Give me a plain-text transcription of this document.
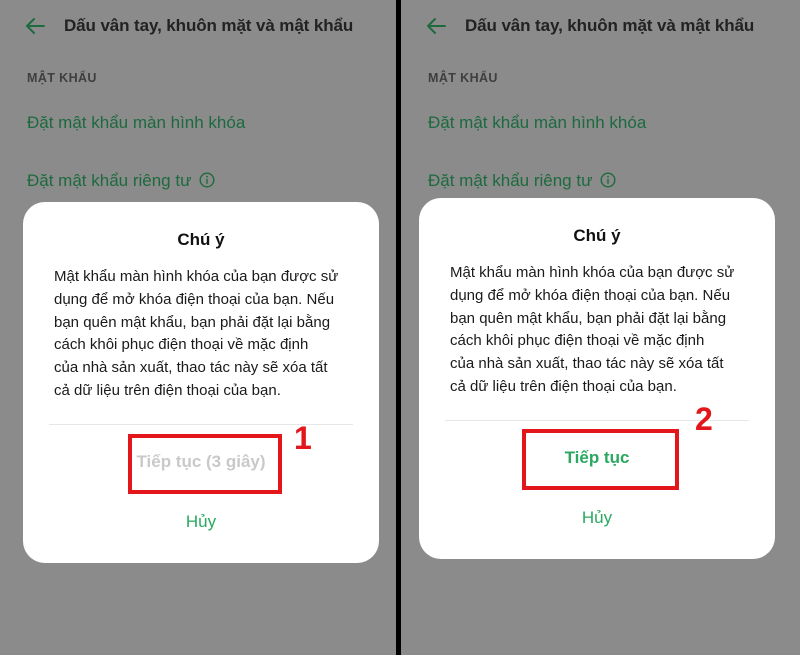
Dấu vân tay, khuôn mặt và mật khẩu
MẬT KHẨU
Đặt mật khẩu màn hình khóa
Đặt mật khẩu riêng tư
Chú ý
Mật khẩu màn hình khóa của bạn được sử
dụng để mở khóa điện thoại của bạn. Nếu
bạn quên mật khẩu, bạn phải đặt lại bằng
cách khôi phục điện thoại về mặc định
của nhà sản xuất, thao tác này sẽ xóa tất
cả dữ liệu trên điện thoại của bạn.
Tiếp tục (3 giây)
Hủy
1
Dấu vân tay, khuôn mặt và mật khẩu
MẬT KHẨU
Đặt mật khẩu màn hình khóa
Đặt mật khẩu riêng tư
Chú ý
Mật khẩu màn hình khóa của bạn được sử
dụng để mở khóa điện thoại của bạn. Nếu
bạn quên mật khẩu, bạn phải đặt lại bằng
cách khôi phục điện thoại về mặc định
của nhà sản xuất, thao tác này sẽ xóa tất
cả dữ liệu trên điện thoại của bạn.
Tiếp tục
Hủy
2
